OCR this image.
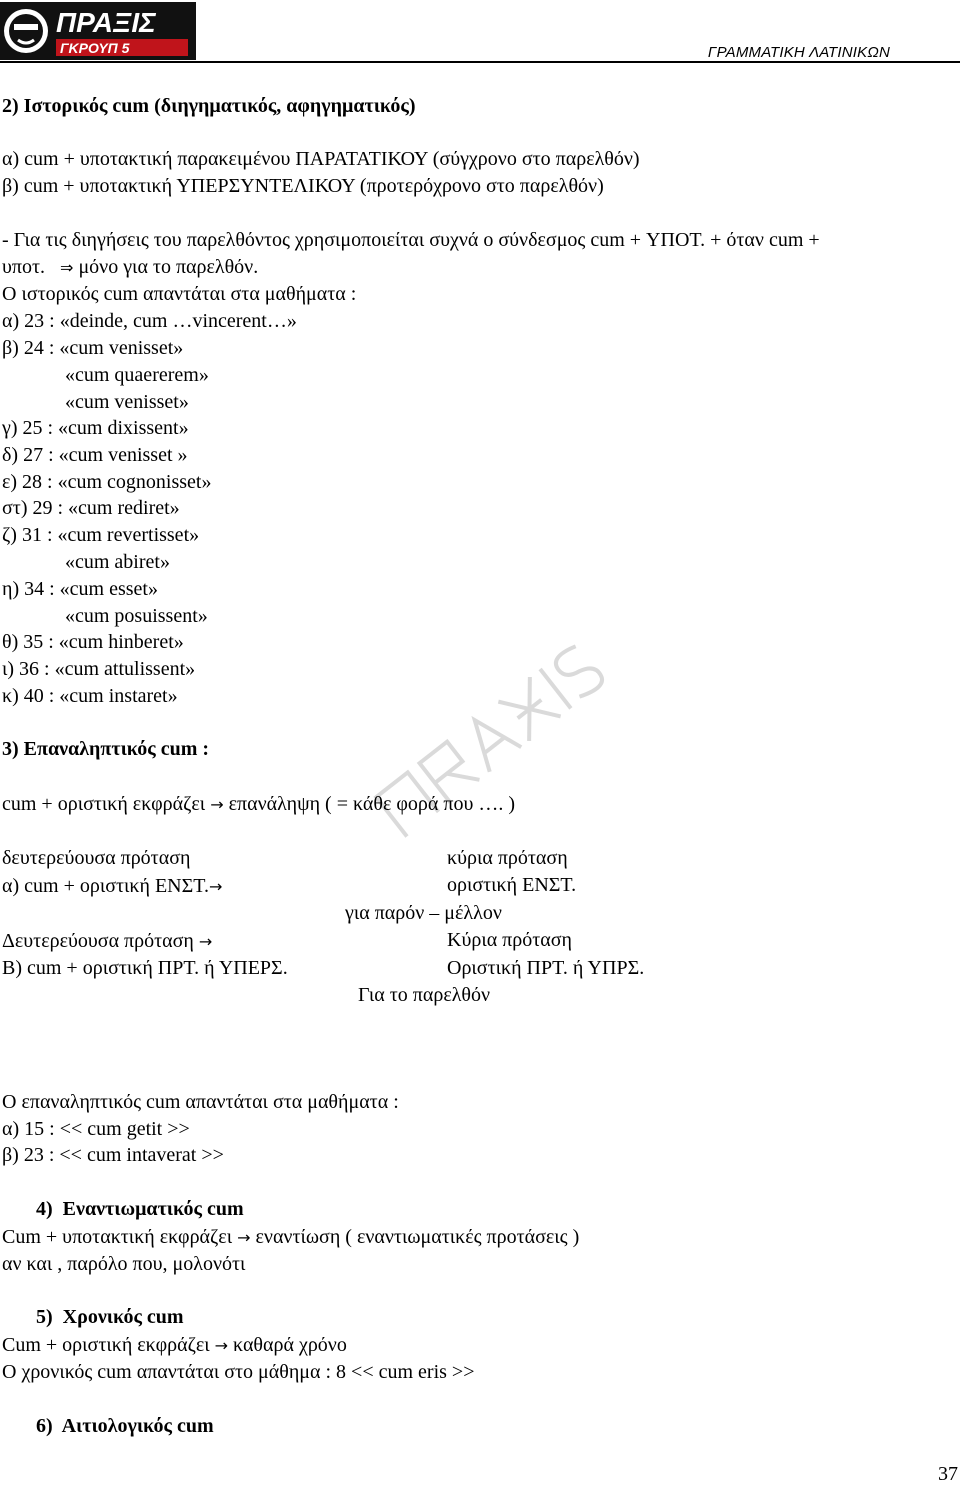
ΠΡΑΞΙΣ
ΓΚΡΟΥΠ 5	ΓΡΑΜΜΑΤΙΚΗ ΛΑΤΙΝΙΚΩΝ
2) Ιστορικός cum (διηγηματικός, αφηγηματικός)
α) cum + υποτακτική παρακειμένου ΠΑΡΑΤΑΤΙΚΟΥ (σύγχρονο στο παρελθόν)
β) cum + υποτακτική ΥΠΕΡΣΥΝΤΕΛΙΚΟΥ (προτερόχρονο στο παρελθόν)
- Για τις διηγήσεις του παρελθόντος χρησιμοποιείται συχνά ο σύνδεσμος cum + ΥΠΟΤ. + όταν cum +
υποτ. ⇒ μόνο για το παρελθόν.
Ο ιστορικός cum απαντάται στα μαθήματα :
α) 23 : «deinde, cum …vincerent…»
β) 24 : «cum venisset»
«cum quaererem»
«cum venisset»
γ) 25 : «cum dixissent»
δ) 27 : «cum venisset »
ε) 28 : «cum cognonisset»
στ) 29 : «cum rediret»
ζ) 31 : «cum revertisset»
«cum abiret»
η) 34 : «cum esset»
«cum posuissent»
θ) 35 : «cum hinberet»
ι) 36 : «cum attulissent»
κ) 40 : «cum instaret»
3) Επαναληπτικός cum :
cum + οριστική εκφράζει → επανάληψη ( = κάθε φορά που …. )
δευτερεύουσα πρόταση	κύρια πρόταση
α) cum + οριστική ΕΝΣΤ.→	οριστική ΕΝΣΤ.
για παρόν – μέλλον
Δευτερεύουσα πρόταση →	Κύρια πρόταση
Β) cum + οριστική ΠΡΤ. ή ΥΠΕΡΣ.	Οριστική ΠΡΤ. ή ΥΠΡΣ.
Για το παρελθόν
Ο επαναληπτικός cum απαντάται στα μαθήματα :
α) 15 : << cum getit >>
β) 23 : << cum intaverat >>
4) Εναντιωματικός cum
Cum + υποτακτική εκφράζει → εναντίωση ( εναντιωματικές προτάσεις )
αν και , παρόλο που, μολονότι
5) Χρονικός cum
Cum + οριστική εκφράζει → καθαρά χρόνο
Ο χρονικός cum απαντάται στο μάθημα : 8 << cum eris >>
6) Αιτιολογικός cum
37
